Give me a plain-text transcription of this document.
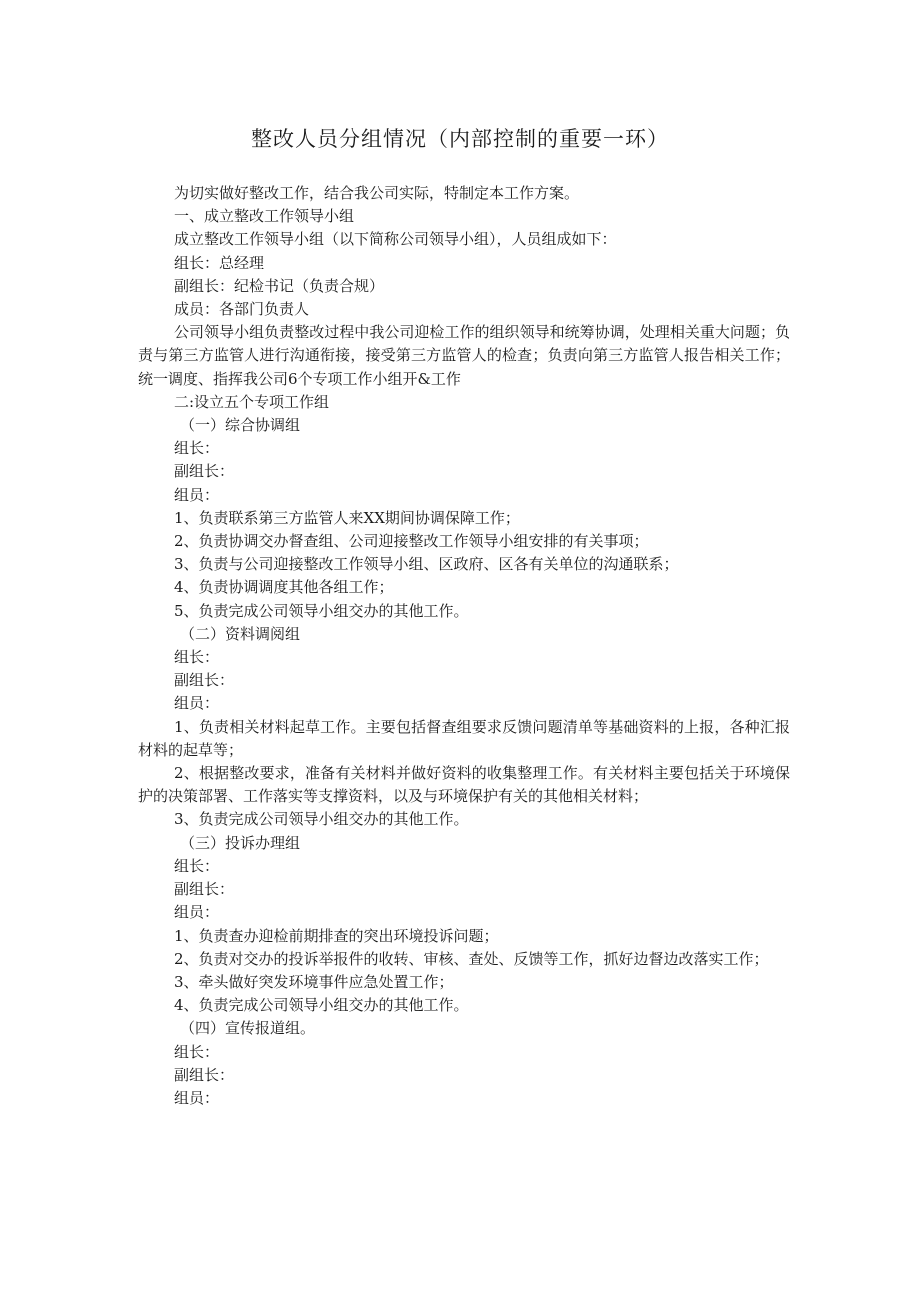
整改人员分组情况（内部控制的重要一环）

为切实做好整改工作，结合我公司实际，特制定本工作方案。

一、成立整改工作领导小组

成立整改工作领导小组（以下简称公司领导小组），人员组成如下：

组长：总经理

副组长：纪检书记（负责合规）

成员：各部门负责人

公司领导小组负责整改过程中我公司迎检工作的组织领导和统筹协调，处理相关重大问题；负责与第三方监管人进行沟通衔接，接受第三方监管人的检查；负责向第三方监管人报告相关工作；统一调度、指挥我公司6个专项工作小组开&工作

二:设立五个专项工作组

（一）综合协调组

组长：

副组长：

组员：

1、负责联系第三方监管人来XX期间协调保障工作；

2、负责协调交办督查组、公司迎接整改工作领导小组安排的有关事项；

3、负责与公司迎接整改工作领导小组、区政府、区各有关单位的沟通联系；

4、负责协调调度其他各组工作；

5、负责完成公司领导小组交办的其他工作。

（二）资料调阅组

组长：

副组长：

组员：

1、负责相关材料起草工作。主要包括督查组要求反馈问题清单等基础资料的上报，各种汇报材料的起草等；

2、根据整改要求，准备有关材料并做好资料的收集整理工作。有关材料主要包括关于环境保护的决策部署、工作落实等支撑资料，以及与环境保护有关的其他相关材料；

3、负责完成公司领导小组交办的其他工作。

（三）投诉办理组

组长：

副组长：

组员：

1、负责查办迎检前期排查的突出环境投诉问题；

2、负责对交办的投诉举报件的收转、审核、查处、反馈等工作，抓好边督边改落实工作；

3、牵头做好突发环境事件应急处置工作；

4、负责完成公司领导小组交办的其他工作。

（四）宣传报道组。

组长：

副组长：

组员：
